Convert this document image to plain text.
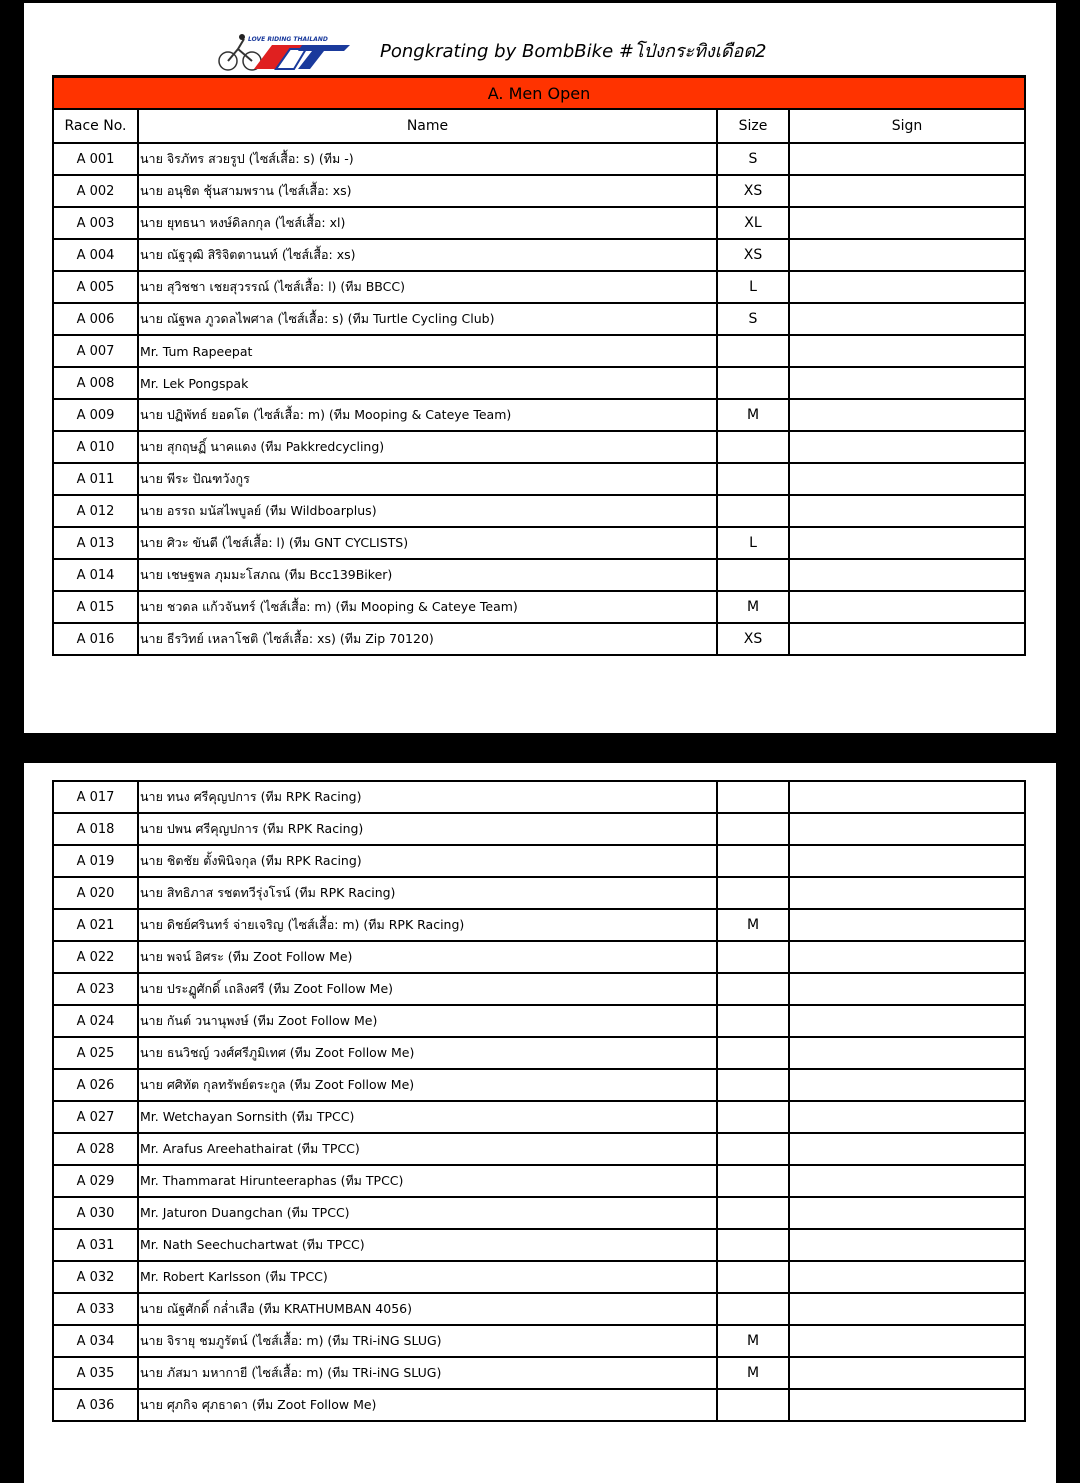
LOVE RIDING THAILAND
Pongkrating by BombBike #โป่งกระทิงเดือด2
A. Men Open			
Race No.	Name	Size	Sign
A 001	นาย จิรภัทร สวยรูป (ไซส์เสื้อ: s) (ทีม -)	S	
A 002	นาย อนุชิต ชุ้นสามพราน (ไซส์เสื้อ: xs)	XS	
A 003	นาย ยุทธนา หงษ์ดิลกกุล (ไซส์เสื้อ: xl)	XL	
A 004	นาย ณัฐวุฒิ สิริจิตตานนท์ (ไซส์เสื้อ: xs)	XS	
A 005	นาย สุวิชชา เชยสุวรรณ์ (ไซส์เสื้อ: l) (ทีม BBCC)	L	
A 006	นาย ณัฐพล ภูวดลไพศาล (ไซส์เสื้อ: s) (ทีม Turtle Cycling Club)	S	
A 007	Mr. Tum Rapeepat		
A 008	Mr. Lek Pongspak		
A 009	นาย ปฏิพัทธ์ ยอดโต (ไซส์เสื้อ: m) (ทีม Mooping & Cateye Team)	M	
A 010	นาย สุกฤษฏิ์ นาคแดง (ทีม Pakkredcycling)		
A 011	นาย พีระ ปัณฑวังกูร		
A 012	นาย อรรถ มนัสไพบูลย์ (ทีม Wildboarplus)		
A 013	นาย ศิวะ ขันตี (ไซส์เสื้อ: l) (ทีม GNT CYCLISTS)	L	
A 014	นาย เชษฐพล ภุมมะโสภณ (ทีม Bcc139Biker)		
A 015	นาย ชวดล แก้วจันทร์ (ไซส์เสื้อ: m) (ทีม Mooping & Cateye Team)	M	
A 016	นาย ธีรวิทย์ เหลาโชติ (ไซส์เสื้อ: xs) (ทีม Zip 70120)	XS	
A 017	นาย ทนง ศรีคุญปการ (ทีม RPK Racing)		
A 018	นาย ปพน ศรีคุญปการ (ทีม RPK Racing)		
A 019	นาย ชิตชัย ตั้งพินิจกุล (ทีม RPK Racing)		
A 020	นาย สิทธิภาส รชตทวีรุ่งโรน์ (ทีม RPK Racing)		
A 021	นาย ดิชย์ศรินทร์ จ่ายเจริญ (ไซส์เสื้อ: m) (ทีม RPK Racing)	M	
A 022	นาย พจน์ อิศระ (ทีม Zoot Follow Me)		
A 023	นาย ประฏูศักดิ์ เถลิงศรี (ทีม Zoot Follow Me)		
A 024	นาย กันต์ วนานุพงษ์ (ทีม Zoot Follow Me)		
A 025	นาย ธนวิชญ์ วงศ์ศรีภูมิเทศ (ทีม Zoot Follow Me)		
A 026	นาย ศศิทัต กุลทรัพย์ตระกูล (ทีม Zoot Follow Me)		
A 027	Mr. Wetchayan Sornsith (ทีม TPCC)		
A 028	Mr. Arafus Areehathairat (ทีม TPCC)		
A 029	Mr. Thammarat Hirunteeraphas (ทีม TPCC)		
A 030	Mr. Jaturon Duangchan (ทีม TPCC)		
A 031	Mr. Nath Seechuchartwat (ทีม TPCC)		
A 032	Mr. Robert Karlsson (ทีม TPCC)		
A 033	นาย ณัฐศักดิ์ กล่ำเสือ (ทีม KRATHUMBAN 4056)		
A 034	นาย จิรายุ ชมภูรัตน์ (ไซส์เสื้อ: m) (ทีม TRi-iNG SLUG)	M	
A 035	นาย ภัสมา มหากายี (ไซส์เสื้อ: m) (ทีม TRi-iNG SLUG)	M	
A 036	นาย ศุภกิจ ศุภธาดา (ทีม Zoot Follow Me)		
